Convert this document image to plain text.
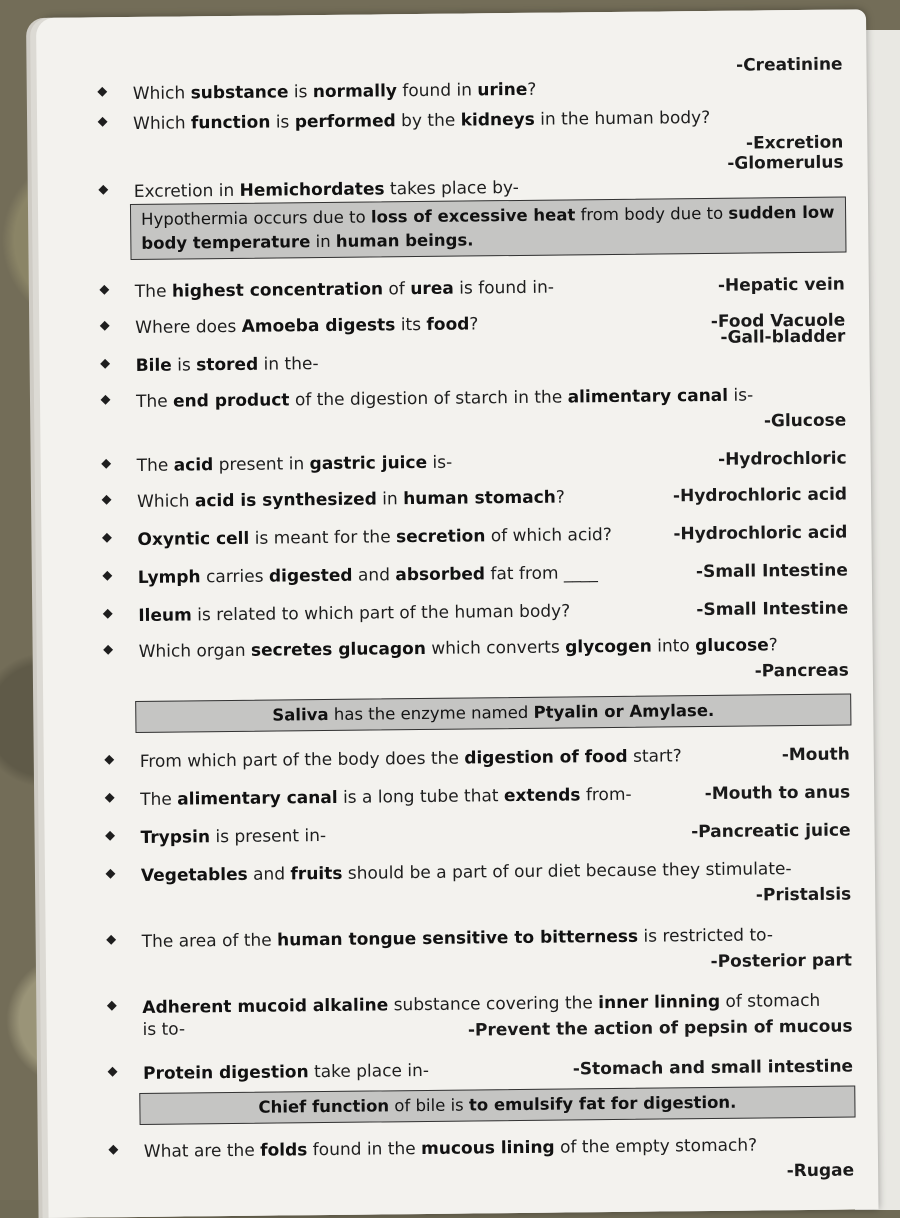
Which substance is normally found in urine?
-Creatinine
Which function is performed by the kidneys in the human body?
-Excretion
Excretion in Hemichordates takes place by-
-Glomerulus
The highest concentration of urea is found in-	-Hepatic vein
Where does Amoeba digests its food?	-Food Vacuole
Bile is stored in the-
-Gall-bladder
The end product of the digestion of starch in the alimentary canal is-
-Glucose
The acid present in gastric juice is-	-Hydrochloric
Which acid is synthesized in human stomach?	-Hydrochloric acid
Oxyntic cell is meant for the secretion of which acid?	-Hydrochloric acid
Lymph carries digested and absorbed fat from ____	-Small Intestine
Ileum is related to which part of the human body?	-Small Intestine
Which organ secretes glucagon which converts glycogen into glucose?
-Pancreas
From which part of the body does the digestion of food start?	-Mouth
The alimentary canal is a long tube that extends from-	-Mouth to anus
Trypsin is present in-	-Pancreatic juice
Vegetables and fruits should be a part of our diet because they stimulate-
-Pristalsis
The area of the human tongue sensitive to bitterness is restricted to-
-Posterior part
Adherent mucoid alkaline substance covering the inner linning of stomach
is to-	-Prevent the action of pepsin of mucous
Protein digestion take place in-	-Stomach and small intestine
What are the folds found in the mucous lining of the empty stomach?
-Rugae
Hypothermia occurs due to loss of excessive heat from body due to sudden low body temperature in human beings.
Saliva has the enzyme named Ptyalin or Amylase.
Chief function of bile is to emulsify fat for digestion.
